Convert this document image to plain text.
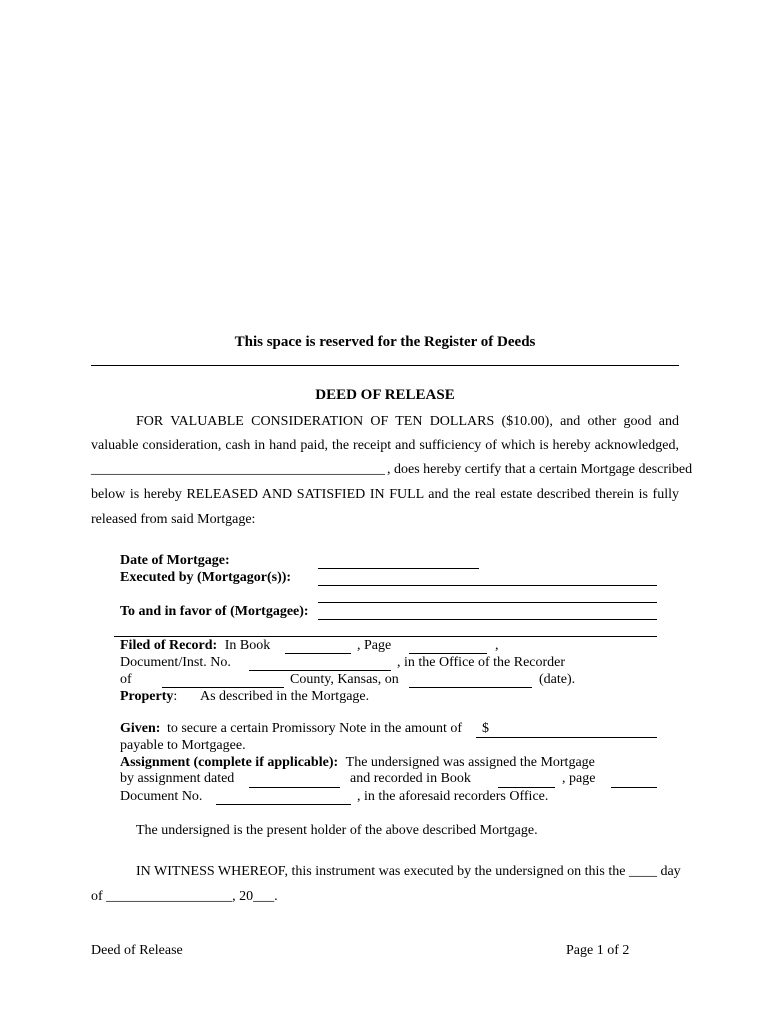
This space is reserved for the Register of Deeds
DEED OF RELEASE
FOR VALUABLE CONSIDERATION OF TEN DOLLARS ($10.00), and other good and
valuable consideration, cash in hand paid, the receipt and sufficiency of which is hereby acknowledged,
__________________________________________ , does hereby certify that a certain Mortgage described
below is hereby RELEASED AND SATISFIED IN FULL and the real estate described therein is fully
released from said Mortgage:
Date of Mortgage:
Executed by (Mortgagor(s)):
To and in favor of (Mortgagee):
Filed of Record: In Book	, Page	,
Document/Inst. No.	, in the Office of the Recorder
of	County, Kansas, on	(date).
Property: As described in the Mortgage.
Given: to secure a certain Promissory Note in the amount of $
payable to Mortgagee.
Assignment (complete if applicable): The undersigned was assigned the Mortgage
by assignment dated	and recorded in Book	, page
Document No.	, in the aforesaid recorders Office.
The undersigned is the present holder of the above described Mortgage.
IN WITNESS WHEREOF, this instrument was executed by the undersigned on this the ____ day
of __________________, 20___.
Deed of Release	Page 1 of 2
